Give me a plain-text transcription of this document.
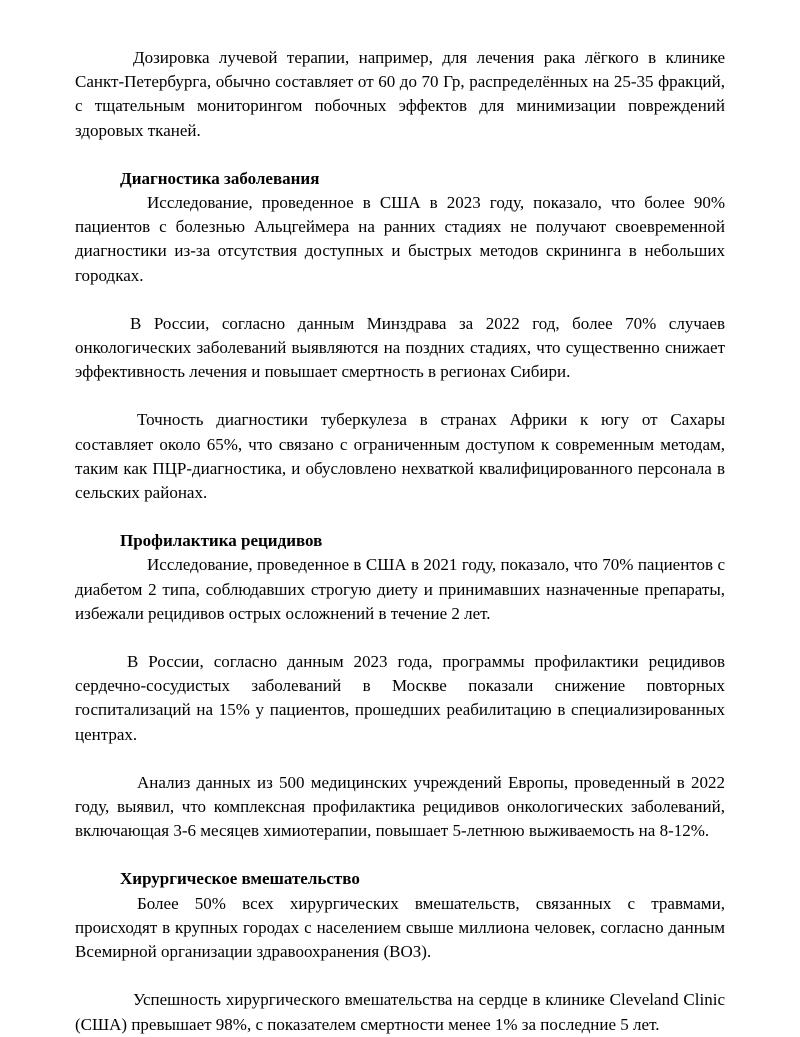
Дозировка лучевой терапии, например, для лечения рака лёгкого в клинике Санкт-Петербурга, обычно составляет от 60 до 70 Гр, распределённых на 25-35 фракций, с тщательным мониторингом побочных эффектов для минимизации повреждений здоровых тканей.

Диагностика заболевания

Исследование, проведенное в США в 2023 году, показало, что более 90% пациентов с болезнью Альцгеймера на ранних стадиях не получают своевременной диагностики из-за отсутствия доступных и быстрых методов скрининга в небольших городках.

В России, согласно данным Минздрава за 2022 год, более 70% случаев онкологических заболеваний выявляются на поздних стадиях, что существенно снижает эффективность лечения и повышает смертность в регионах Сибири.

Точность диагностики туберкулеза в странах Африки к югу от Сахары составляет около 65%, что связано с ограниченным доступом к современным методам, таким как ПЦР-диагностика, и обусловлено нехваткой квалифицированного персонала в сельских районах.

Профилактика рецидивов

Исследование, проведенное в США в 2021 году, показало, что 70% пациентов с диабетом 2 типа, соблюдавших строгую диету и принимавших назначенные препараты, избежали рецидивов острых осложнений в течение 2 лет.

В России, согласно данным 2023 года, программы профилактики рецидивов сердечно-сосудистых заболеваний в Москве показали снижение повторных госпитализаций на 15% у пациентов, прошедших реабилитацию в специализированных центрах.

Анализ данных из 500 медицинских учреждений Европы, проведенный в 2022 году, выявил, что комплексная профилактика рецидивов онкологических заболеваний, включающая 3-6 месяцев химиотерапии, повышает 5-летнюю выживаемость на 8-12%.

Хирургическое вмешательство

Более 50% всех хирургических вмешательств, связанных с травмами, происходят в крупных городах с населением свыше миллиона человек, согласно данным Всемирной организации здравоохранения (ВОЗ).

Успешность хирургического вмешательства на сердце в клинике Cleveland Clinic (США) превышает 98%, с показателем смертности менее 1% за последние 5 лет.
